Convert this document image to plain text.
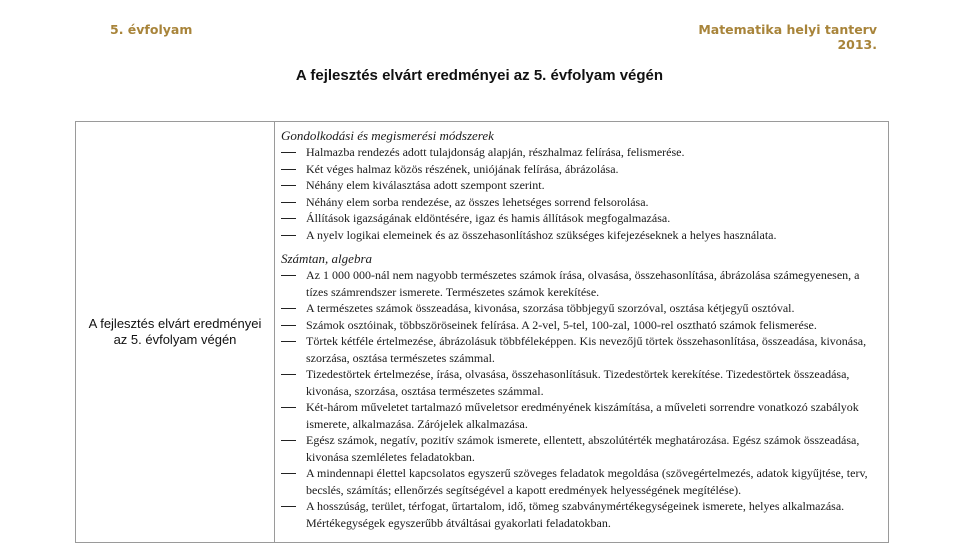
5. évfolyam	Matematika helyi tanterv
2013.
A fejlesztés elvárt eredményei az 5. évfolyam végén
A fejlesztés elvárt eredményei az 5. évfolyam végén

Gondolkodási és megismerési módszerek

Halmazba rendezés adott tulajdonság alapján, részhalmaz felírása, felismerése.
Két véges halmaz közös részének, uniójának felírása, ábrázolása.
Néhány elem kiválasztása adott szempont szerint.
Néhány elem sorba rendezése, az összes lehetséges sorrend felsorolása.
Állítások igazságának eldöntésére, igaz és hamis állítások megfogalmazása.
A nyelv logikai elemeinek és az összehasonlításhoz szükséges kifejezéseknek a helyes használata.

Számtan, algebra

Az 1 000 000-nál nem nagyobb természetes számok írása, olvasása, összehasonlítása, ábrázolása számegyenesen, a tízes számrendszer ismerete. Természetes számok kerekítése.
A természetes számok összeadása, kivonása, szorzása többjegyű szorzóval, osztása kétjegyű osztóval.
Számok osztóinak, többszöröseinek felírása. A 2-vel, 5-tel, 100-zal, 1000-rel osztható számok felismerése.
Törtek kétféle értelmezése, ábrázolásuk többféleképpen. Kis nevezőjű törtek összehasonlítása, összeadása, kivonása, szorzása, osztása természetes számmal.
Tizedestörtek értelmezése, írása, olvasása, összehasonlításuk. Tizedestörtek kerekítése. Tizedestörtek összeadása, kivonása, szorzása, osztása természetes számmal.
Két-három műveletet tartalmazó műveletsor eredményének kiszámítása, a műveleti sorrendre vonatkozó szabályok ismerete, alkalmazása. Zárójelek alkalmazása.
Egész számok, negatív, pozitív számok ismerete, ellentett, abszolútérték meghatározása. Egész számok összeadása, kivonása szemléletes feladatokban.
A mindennapi élettel kapcsolatos egyszerű szöveges feladatok megoldása (szövegértelmezés, adatok kigyűjtése, terv, becslés, számítás; ellenőrzés segítségével a kapott eredmények helyességének megítélése).
A hosszúság, terület, térfogat, űrtartalom, idő, tömeg szabványmértékegységeinek ismerete, helyes alkalmazása. Mértékegységek egyszerűbb átváltásai gyakorlati feladatokban.
